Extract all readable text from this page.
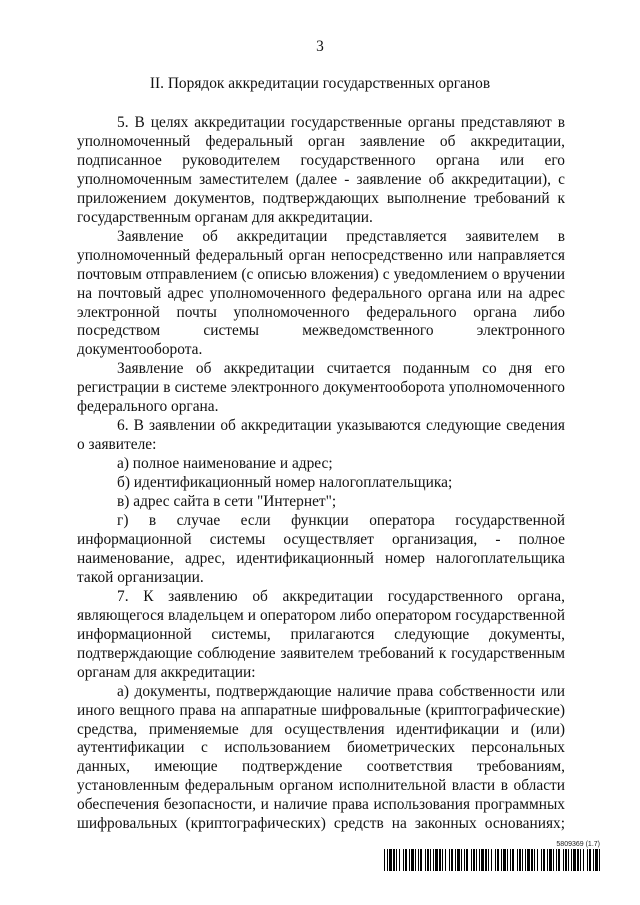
3
II. Порядок аккредитации государственных органов

5. В целях аккредитации государственные органы представляют в уполномоченный федеральный орган заявление об аккредитации, подписанное руководителем государственного органа или его уполномоченным заместителем (далее - заявление об аккредитации), с приложением документов, подтверждающих выполнение требований к государственным органам для аккредитации.

Заявление об аккредитации представляется заявителем в уполномоченный федеральный орган непосредственно или направляется почтовым отправлением (с описью вложения) с уведомлением о вручении на почтовый адрес уполномоченного федерального органа или на адрес электронной почты уполномоченного федерального органа либо посредством системы межведомственного электронного документооборота.

Заявление об аккредитации считается поданным со дня его регистрации в системе электронного документооборота уполномоченного федерального органа.

6. В заявлении об аккредитации указываются следующие сведения о заявителе:

а) полное наименование и адрес;

б) идентификационный номер налогоплательщика;

в) адрес сайта в сети "Интернет";

г) в случае если функции оператора государственной информационной системы осуществляет организация, - полное наименование, адрес, идентификационный номер налогоплательщика такой организации.

7. К заявлению об аккредитации государственного органа, являющегося владельцем и оператором либо оператором государственной информационной системы, прилагаются следующие документы, подтверждающие соблюдение заявителем требований к государственным органам для аккредитации:

а) документы, подтверждающие наличие права собственности или иного вещного права на аппаратные шифровальные (криптографические) средства, применяемые для осуществления идентификации и (или) аутентификации с использованием биометрических персональных данных, имеющие подтверждение соответствия требованиям, установленным федеральным органом исполнительной власти в области обеспечения безопасности, и наличие права использования программных шифровальных (криптографических) средств на законных основаниях;

5809369 (1.7)
